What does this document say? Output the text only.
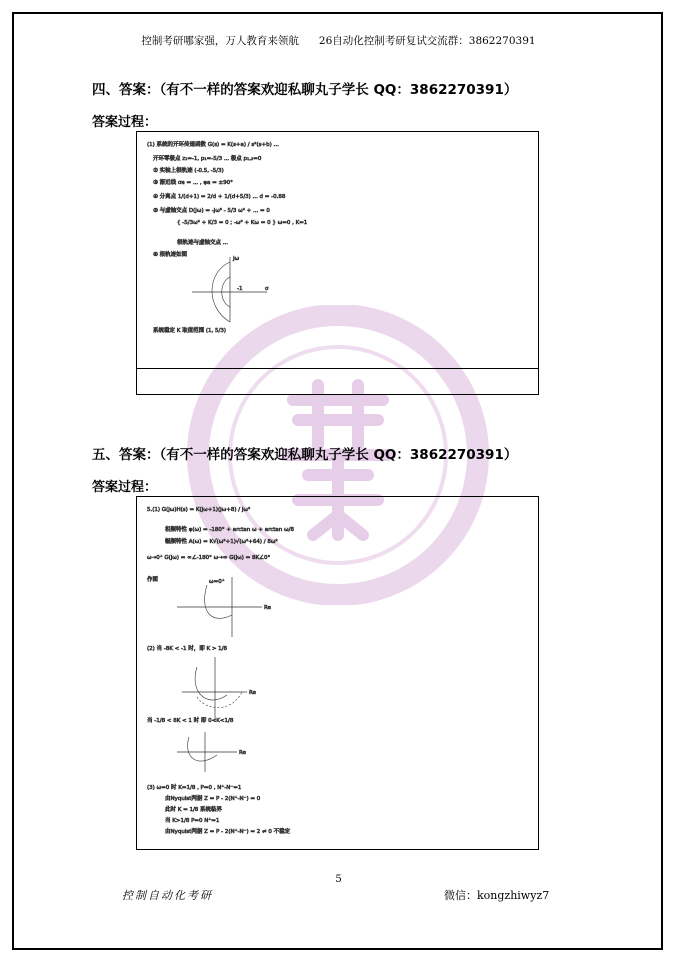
控制考研哪家强，万人教育来领航 26自动化控制考研复试交流群：3862270391
四、答案：（有不一样的答案欢迎私聊丸子学长 QQ：3862270391）
答案过程：
(1) 系统的开环传递函数 G(s) = K(s+a) / s²(s+b) …
开环零极点 z₁=-1, p₁=-5/3 ... 极点 p₁,₂=0
② 实轴上根轨迹 (-0.5, -5/3)
③ 渐近线 σa = ... , φa = ±90°
④ 分离点 1/(d+1) = 2/d + 1/(d+5/3) ... d = -0.88
⑤ 与虚轴交点 D(jω) = -jω³ - 5/3 ω² + ... = 0
{ -5/3ω² + K/3 = 0 ; -ω³ + Kω = 0 } ω=0 , K=1
根轨迹与虚轴交点 ...
⑥ 根轨迹如图
-1	σ
jω
系统稳定 K 取值范围 (1, 5/3)
五、答案：（有不一样的答案欢迎私聊丸子学长 QQ：3862270391）
答案过程：
5.(1) G(jω)H(s) = K(jω+1)(jω+8) / jω²
相频特性 φ(ω) = -180° + arctan ω + arctan ω/8
幅频特性 A(ω) = K√(ω²+1)√(ω²+64) / 8ω²
ω→0⁺ G(jω) = ∞∠-180° ω→∞ G(jω) = 8K∠0°
作图	ω=0⁺
Re
(2) 当 -8K < -1 时，即 K > 1/8
Re
当 -1/8 < 8K < 1 时 即 0<K<1/8
Re
(3) ω=0 时 K=1/8 , P=0 , N⁺-N⁻=1
由Nyquist判据 Z = P - 2(N⁺-N⁻) = 0
此时 K = 1/8 系统临界
当 K>1/8 P=0 N⁺=1
由Nyquist判据 Z = P - 2(N⁺-N⁻) = 2 ≠ 0 不稳定
5
控制自动化考研	微信：kongzhiwyz7
